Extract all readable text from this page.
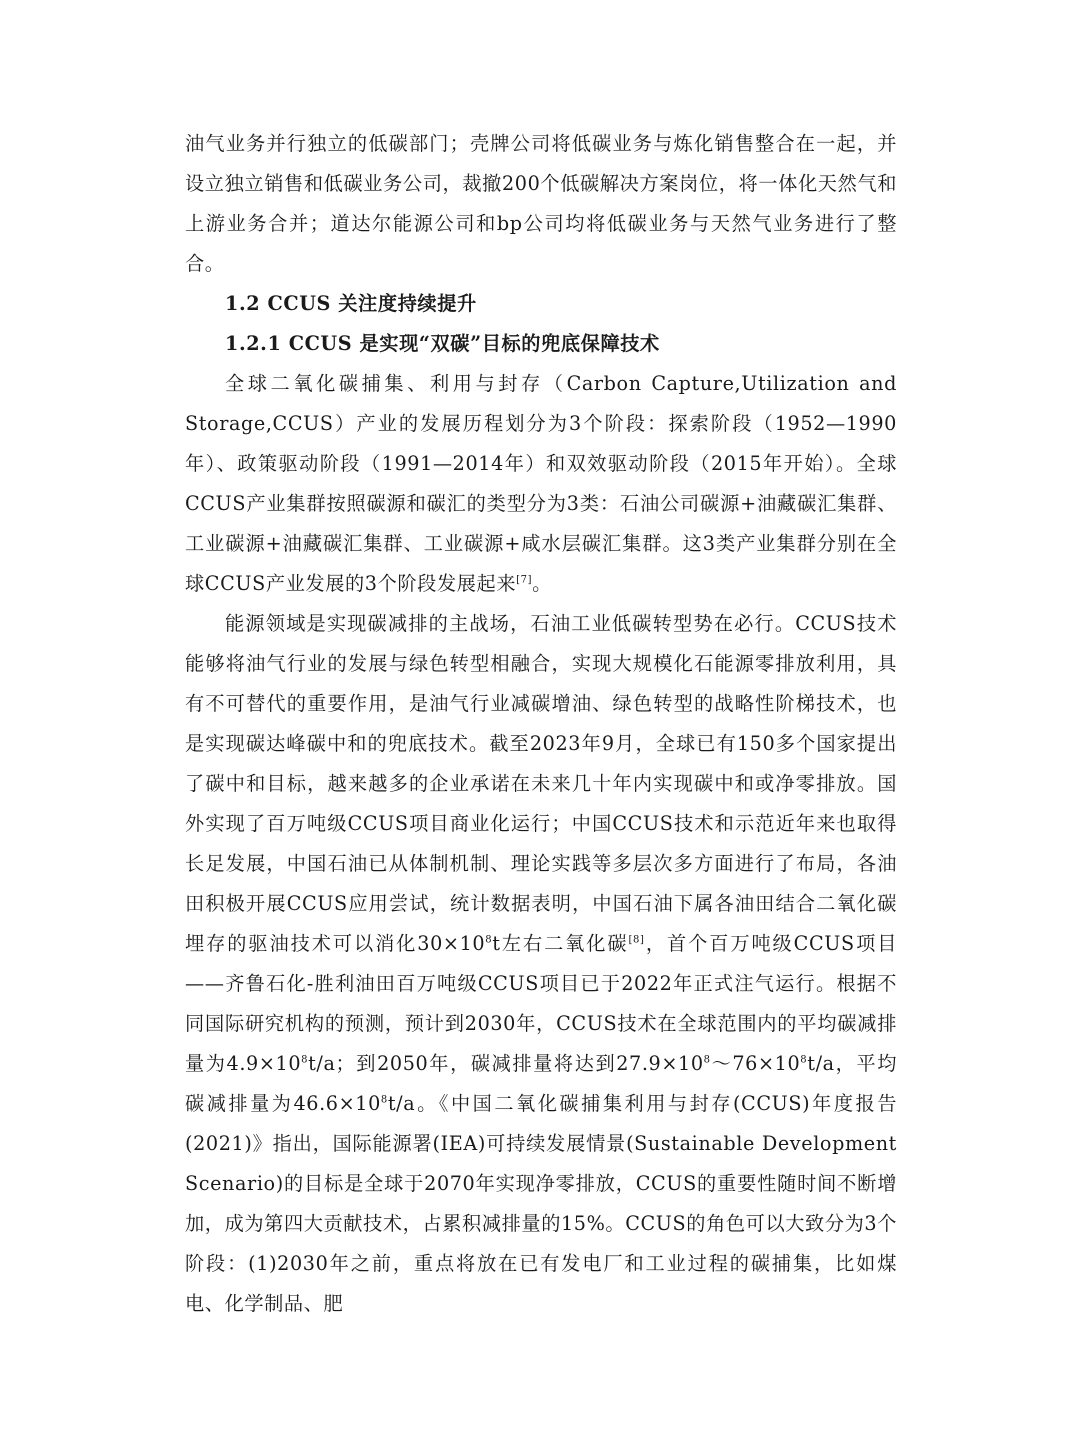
油气业务并行独立的低碳部门；壳牌公司将低碳业务与炼化销售整合在一起，并设立独立销售和低碳业务公司，裁撤200个低碳解决方案岗位，将一体化天然气和上游业务合并；道达尔能源公司和bp公司均将低碳业务与天然气业务进行了整合。

1.2 CCUS 关注度持续提升

1.2.1 CCUS 是实现“双碳”目标的兜底保障技术

全球二氧化碳捕集、利用与封存（Carbon Capture,Utilization and Storage,CCUS）产业的发展历程划分为3个阶段：探索阶段（1952—1990年）、政策驱动阶段（1991—2014年）和双效驱动阶段（2015年开始）。全球CCUS产业集群按照碳源和碳汇的类型分为3类：石油公司碳源+油藏碳汇集群、工业碳源+油藏碳汇集群、工业碳源+咸水层碳汇集群。这3类产业集群分别在全球CCUS产业发展的3个阶段发展起来[7]。

能源领域是实现碳减排的主战场，石油工业低碳转型势在必行。CCUS技术能够将油气行业的发展与绿色转型相融合，实现大规模化石能源零排放利用，具有不可替代的重要作用，是油气行业减碳增油、绿色转型的战略性阶梯技术，也是实现碳达峰碳中和的兜底技术。截至2023年9月，全球已有150多个国家提出了碳中和目标，越来越多的企业承诺在未来几十年内实现碳中和或净零排放。国外实现了百万吨级CCUS项目商业化运行；中国CCUS技术和示范近年来也取得长足发展，中国石油已从体制机制、理论实践等多层次多方面进行了布局，各油田积极开展CCUS应用尝试，统计数据表明，中国石油下属各油田结合二氧化碳埋存的驱油技术可以消化$30\times 10^8t$左右二氧化碳[8]，首个百万吨级CCUS项目——齐鲁石化-胜利油田百万吨级CCUS项目已于2022年正式注气运行。根据不同国际研究机构的预测，预计到2030年，CCUS技术在全球范围内的平均碳减排量为$4.9\times 10^8t/a$；到2050年，碳减排量将达到$27.9\times 10^8\sim 76\times 10^8t/a$，平均碳减排量为$46.6\times 10^8t/a$。《中国二氧化碳捕集利用与封存(CCUS)年度报告(2021)》指出，国际能源署(IEA)可持续发展情景(Sustainable Development Scenario)的目标是全球于2070年实现净零排放，CCUS的重要性随时间不断增加，成为第四大贡献技术，占累积减排量的15%。CCUS的角色可以大致分为3个阶段：(1)2030年之前，重点将放在已有发电厂和工业过程的碳捕集，比如煤电、化学制品、肥
